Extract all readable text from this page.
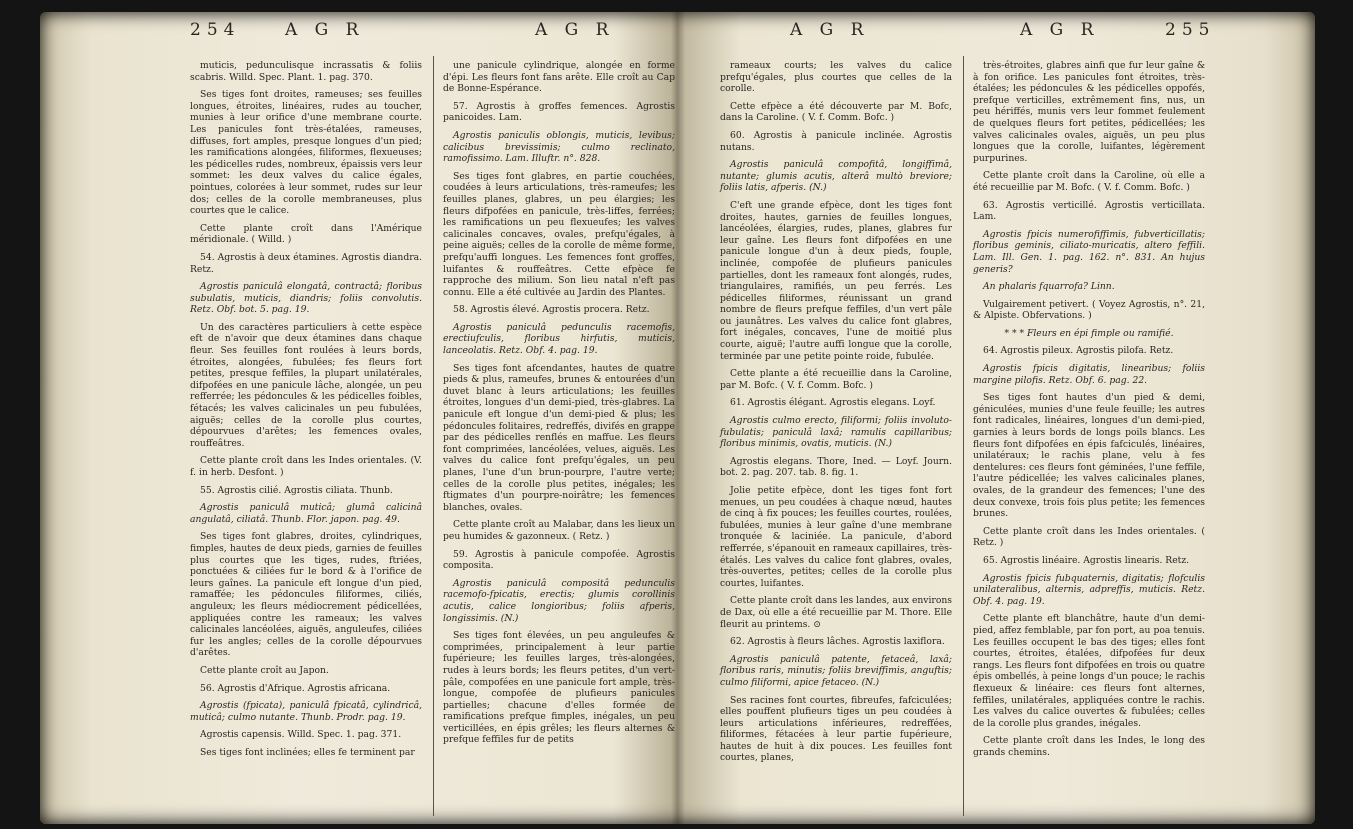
254	A G R	A G R

muticis, pedunculisque incrassatis & foliis scabris. Willd. Spec. Plant. 1. pag. 370.

Ses tiges font droites, rameuses; ses feuilles longues, étroites, linéaires, rudes au toucher, munies à leur orifice d'une membrane courte. Les panicules font très-étalées, rameuses, diffuses, fort amples, presque longues d'un pied; les ramifications alongées, filiformes, flexueuses; les pédicelles rudes, nombreux, épaissis vers leur sommet: les deux valves du calice égales, pointues, colorées à leur sommet, rudes sur leur dos; celles de la corolle membraneuses, plus courtes que le calice.

Cette plante croît dans l'Amérique méridionale. ( Willd. )

54. Agrostis à deux étamines. Agrostis diandra. Retz.

Agrostis paniculâ elongatâ, contractâ; floribus subulatis, muticis, diandris; foliis convolutis. Retz. Obf. bot. 5. pag. 19.

Un des caractères particuliers à cette espèce eft de n'avoir que deux étamines dans chaque fleur. Ses feuilles font roulées à leurs bords, étroites, alongées, fubulées; fes fleurs fort petites, presque feffiles, la plupart unilatérales, difpofées en une panicule lâche, alongée, un peu refferrée; les pédoncules & les pédicelles foibles, fétacés; les valves calicinales un peu fubulées, aiguës; celles de la corolle plus courtes, dépourvues d'arêtes; les femences ovales, rouffeâtres.

Cette plante croît dans les Indes orientales. (V. f. in herb. Desfont. )

55. Agrostis cilié. Agrostis ciliata. Thunb.

Agrostis paniculâ muticâ; glumâ calicinâ angulatâ, ciliatâ. Thunb. Flor. japon. pag. 49.

Ses tiges font glabres, droites, cylindriques, fimples, hautes de deux pieds, garnies de feuilles plus courtes que les tiges, rudes, ftriées, ponctuées & ciliées fur le bord & à l'orifice de leurs gaînes. La panicule eft longue d'un pied, ramaffée; les pédoncules filiformes, ciliés, anguleux; les fleurs médiocrement pédicellées, appliquées contre les rameaux; les valves calicinales lancéolées, aiguës, anguleufes, ciliées fur les angles; celles de la corolle dépourvues d'arêtes.

Cette plante croît au Japon.

56. Agrostis d'Afrique. Agrostis africana.

Agrostis (fpicata), paniculâ fpicatâ, cylindricâ, muticâ; culmo nutante. Thunb. Prodr. pag. 19.

Agrostis capensis. Willd. Spec. 1. pag. 371.

Ses tiges font inclinées; elles fe terminent par

une panicule cylindrique, alongée en forme d'épi. Les fleurs font fans arête. Elle croît au Cap de Bonne-Espérance.

57. Agrostis à groffes femences. Agrostis panicoides. Lam.

Agrostis paniculis oblongis, muticis, levibus; calicibus brevissimis; culmo reclinato, ramofissimo. Lam. Illuftr. n°. 828.

Ses tiges font glabres, en partie couchées, coudées à leurs articulations, très-rameufes; les feuilles planes, glabres, un peu élargies; les fleurs difpofées en panicule, très-liffes, ferrées; les ramifications un peu flexueufes; les valves calicinales concaves, ovales, prefqu'égales, à peine aiguës; celles de la corolle de même forme, prefqu'auffi longues. Les femences font groffes, luifantes & rouffeâtres. Cette efpèce fe rapproche des milium. Son lieu natal n'eft pas connu. Elle a été cultivée au Jardin des Plantes.

58. Agrostis élevé. Agrostis procera. Retz.

Agrostis paniculâ pedunculis racemofis, erectiufculis, floribus hirfutis, muticis, lanceolatis. Retz. Obf. 4. pag. 19.

Ses tiges font afcendantes, hautes de quatre pieds & plus, rameufes, brunes & entourées d'un duvet blanc à leurs articulations; les feuilles étroites, longues d'un demi-pied, très-glabres. La panicule eft longue d'un demi-pied & plus; les pédoncules folitaires, redreffés, divifés en grappe par des pédicelles renflés en maffue. Les fleurs font comprimées, lancéolées, velues, aiguës. Les valves du calice font prefqu'égales, un peu planes, l'une d'un brun-pourpre, l'autre verte; celles de la corolle plus petites, inégales; les ftigmates d'un pourpre-noirâtre; les femences blanches, ovales.

Cette plante croît au Malabar, dans les lieux un peu humides & gazonneux. ( Retz. )

59. Agrostis à panicule compofée. Agrostis composita.

Agrostis paniculâ compositâ pedunculis racemofo-fpicatis, erectis; glumis corollinis acutis, calice longioribus; foliis afperis, longissimis. (N.)

Ses tiges font élevées, un peu anguleufes & comprimées, principalement à leur partie fupérieure; les feuilles larges, très-alongées, rudes à leurs bords; les fleurs petites, d'un vert-pâle, compofées en une panicule fort ample, très-longue, compofée de plufieurs panicules partielles; chacune d'elles formée de ramifications prefque fimples, inégales, un peu verticillées, en épis grêles; les fleurs alternes & prefque feffiles fur de petits

A G R	A G R	255

rameaux courts; les valves du calice prefqu'égales, plus courtes que celles de la corolle.

Cette efpèce a été découverte par M. Bofc, dans la Caroline. ( V. f. Comm. Bofc. )

60. Agrostis à panicule inclinée. Agrostis nutans.

Agrostis paniculâ compofitâ, longiffimâ, nutante; glumis acutis, alterâ multò breviore; foliis latis, afperis. (N.)

C'eft une grande efpèce, dont les tiges font droites, hautes, garnies de feuilles longues, lancéolées, élargies, rudes, planes, glabres fur leur gaîne. Les fleurs font difpofées en une panicule longue d'un à deux pieds, fouple, inclinée, compofée de plufieurs panicules partielles, dont les rameaux font alongés, rudes, triangulaires, ramifiés, un peu ferrés. Les pédicelles filiformes, réunissant un grand nombre de fleurs prefque feffiles, d'un vert pâle ou jaunâtres. Les valves du calice font glabres, fort inégales, concaves, l'une de moitié plus courte, aiguë; l'autre auffi longue que la corolle, terminée par une petite pointe roide, fubulée.

Cette plante a été recueillie dans la Caroline, par M. Bofc. ( V. f. Comm. Bofc. )

61. Agrostis élégant. Agrostis elegans. Loyf.

Agrostis culmo erecto, filiformi; foliis involuto-fubulatis; paniculâ laxâ; ramulis capillaribus; floribus minimis, ovatis, muticis. (N.)

Agrostis elegans. Thore, Ined. — Loyf. Journ. bot. 2. pag. 207. tab. 8. fig. 1.

Jolie petite efpèce, dont les tiges font fort menues, un peu coudées à chaque nœud, hautes de cinq à fix pouces; les feuilles courtes, roulées, fubulées, munies à leur gaîne d'une membrane tronquée & laciniée. La panicule, d'abord refferrée, s'épanouit en rameaux capillaires, très-étalés. Les valves du calice font glabres, ovales, très-ouvertes, petites; celles de la corolle plus courtes, luifantes.

Cette plante croît dans les landes, aux environs de Dax, où elle a été recueillie par M. Thore. Elle fleurit au printems. ⊙

62. Agrostis à fleurs lâches. Agrostis laxiflora.

Agrostis paniculâ patente, fetaceâ, laxâ; floribus raris, minutis; foliis breviffimis, anguftis; culmo filiformi, apice fetaceo. (N.)

Ses racines font courtes, fibreufes, fafciculées; elles pouffent plufieurs tiges un peu coudées à leurs articulations inférieures, redreffées, filiformes, fétacées à leur partie fupérieure, hautes de huit à dix pouces. Les feuilles font courtes, planes,

très-étroites, glabres ainfi que fur leur gaîne & à fon orifice. Les panicules font étroites, très-étalées; les pédoncules & les pédicelles oppofés, prefque verticilles, extrêmement fins, nus, un peu hériffés, munis vers leur fommet feulement de quelques fleurs fort petites, pédicellées; les valves calicinales ovales, aiguës, un peu plus longues que la corolle, luifantes, légèrement purpurines.

Cette plante croît dans la Caroline, où elle a été recueillie par M. Bofc. ( V. f. Comm. Bofc. )

63. Agrostis verticillé. Agrostis verticillata. Lam.

Agrostis fpicis numerofiffimis, fubverticillatis; floribus geminis, ciliato-muricatis, altero feffili. Lam. Ill. Gen. 1. pag. 162. n°. 831. An hujus generis?

An phalaris fquarrofa? Linn.

Vulgairement petivert. ( Voyez Agrostis, n°. 21, & Alpiste. Obfervations. )

* * * Fleurs en épi fimple ou ramifié.

64. Agrostis pileux. Agrostis pilofa. Retz.

Agrostis fpicis digitatis, linearibus; foliis margine pilofis. Retz. Obf. 6. pag. 22.

Ses tiges font hautes d'un pied & demi, géniculées, munies d'une feule feuille; les autres font radicales, linéaires, longues d'un demi-pied, garnies à leurs bords de longs poils blancs. Les fleurs font difpofées en épis fafciculés, linéaires, unilatéraux; le rachis plane, velu à fes dentelures: ces fleurs font géminées, l'une feffile, l'autre pédicellée; les valves calicinales planes, ovales, de la grandeur des femences; l'une des deux convexe, trois fois plus petite; les femences brunes.

Cette plante croît dans les Indes orientales. ( Retz. )

65. Agrostis linéaire. Agrostis linearis. Retz.

Agrostis fpicis fubquaternis, digitatis; flofculis unilateralibus, alternis, adpreffis, muticis. Retz. Obf. 4. pag. 19.

Cette plante eft blanchâtre, haute d'un demi-pied, affez femblable, par fon port, au poa tenuis. Les feuilles occupent le bas des tiges; elles font courtes, étroites, étalées, difpofées fur deux rangs. Les fleurs font difpofées en trois ou quatre épis ombellés, à peine longs d'un pouce; le rachis flexueux & linéaire: ces fleurs font alternes, feffiles, unilatérales, appliquées contre le rachis. Les valves du calice ouvertes & fubulées; celles de la corolle plus grandes, inégales.

Cette plante croît dans les Indes, le long des grands chemins.
